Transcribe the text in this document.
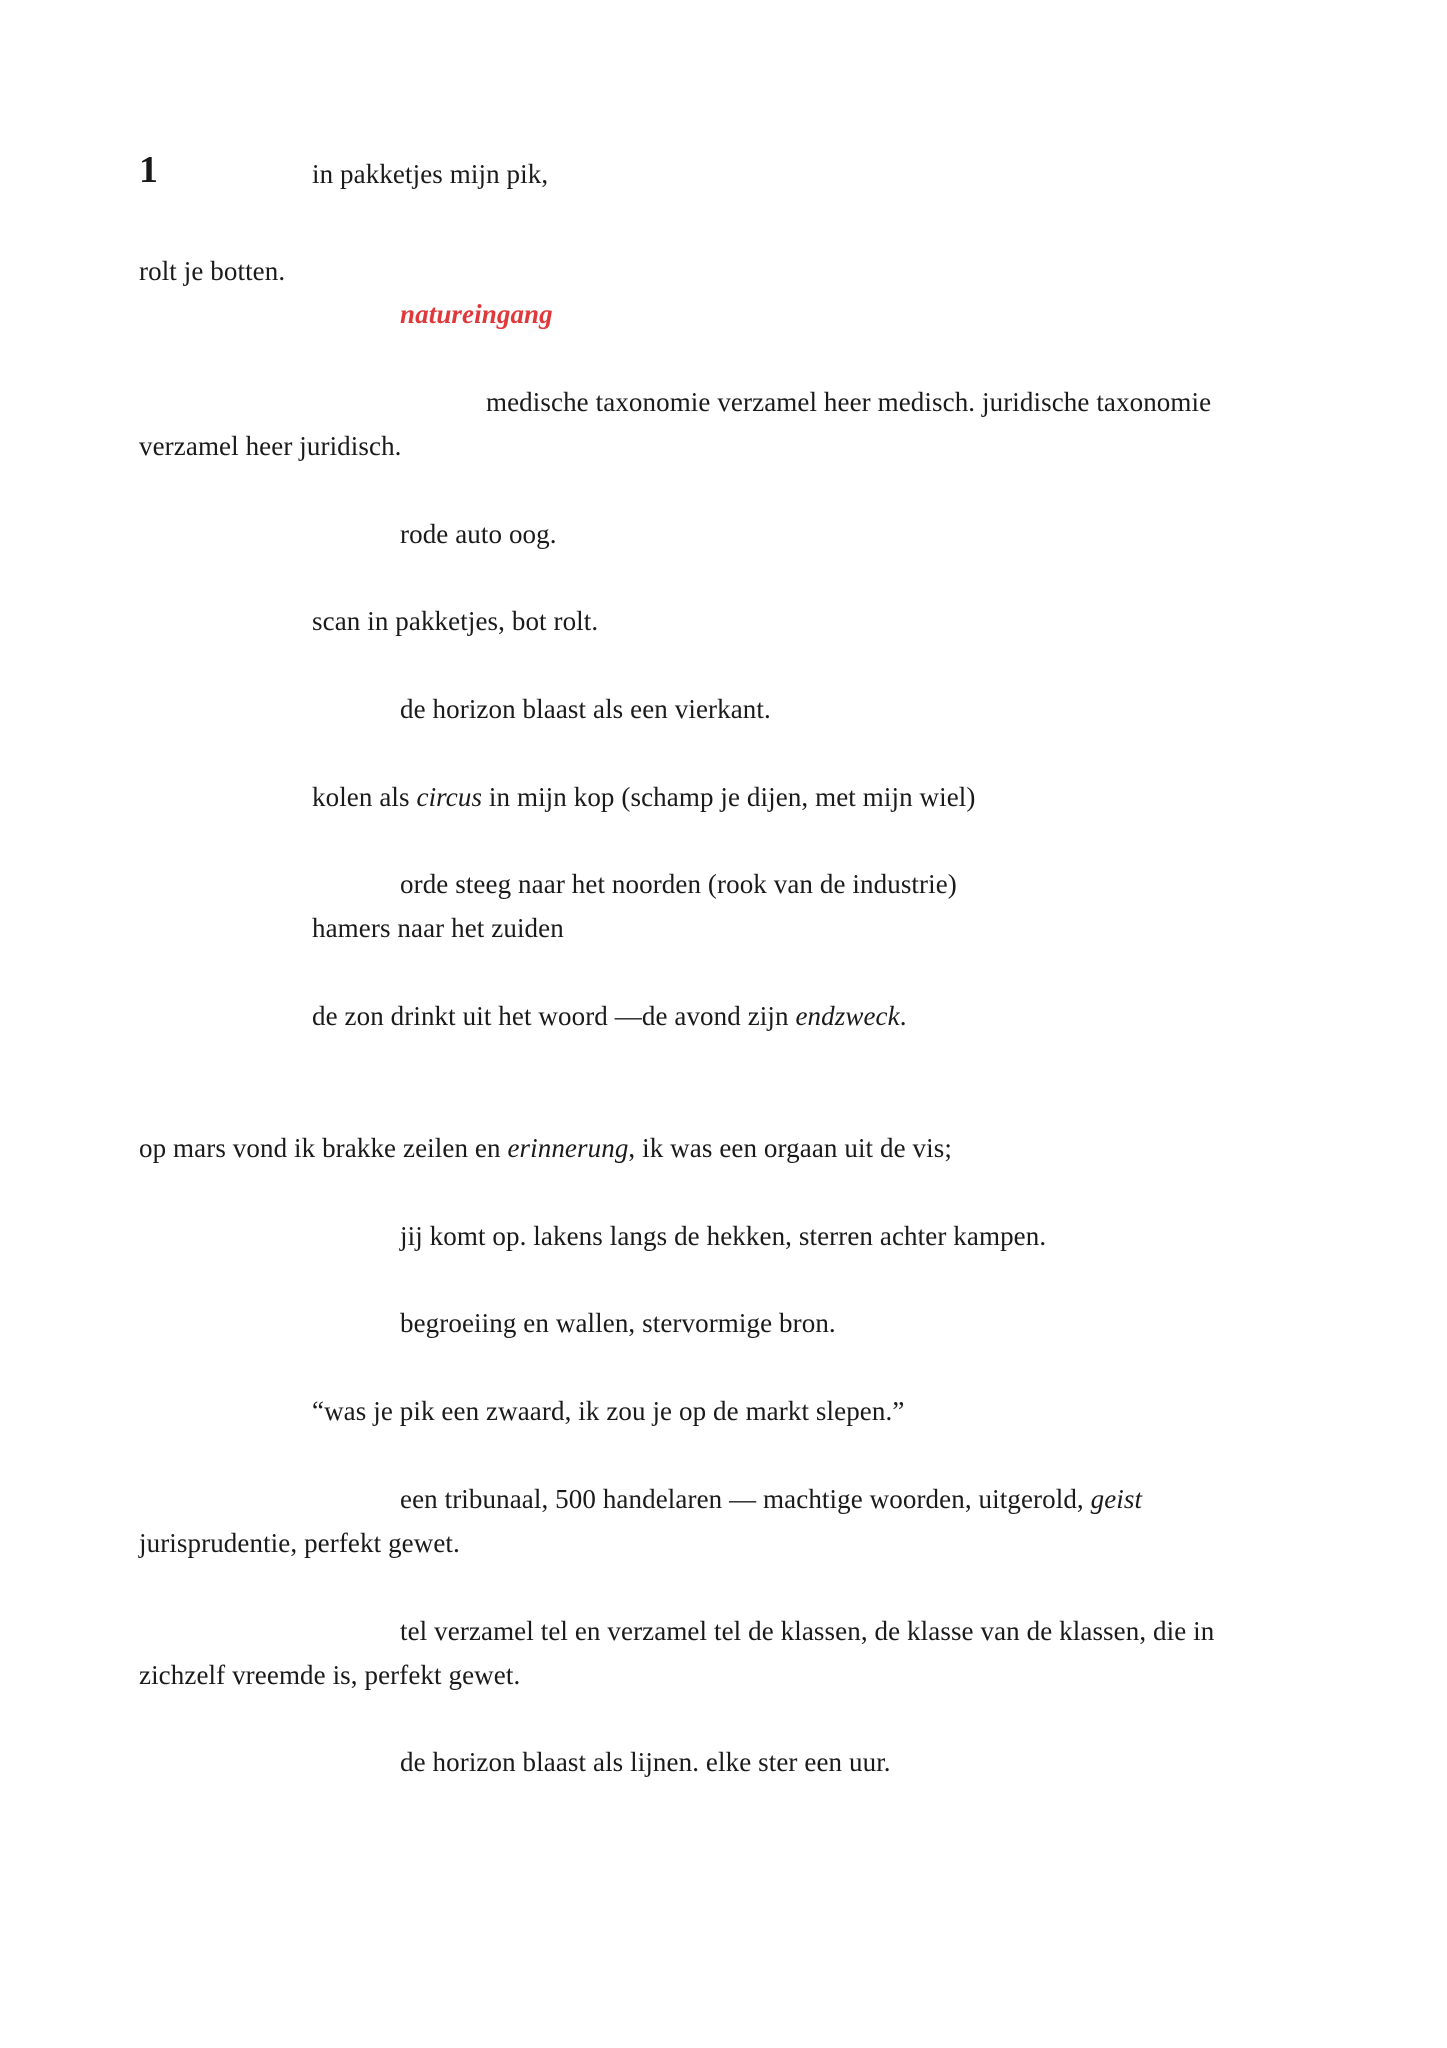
1	in pakketjes mijn pik,
rolt je botten.
natureingang
medische taxonomie verzamel heer medisch. juridische taxonomie
verzamel heer juridisch.
rode auto oog.
scan in pakketjes, bot rolt.
de horizon blaast als een vierkant.
kolen als circus in mijn kop (schamp je dijen, met mijn wiel)
orde steeg naar het noorden (rook van de industrie)
hamers naar het zuiden
de zon drinkt uit het woord —de avond zijn endzweck.
op mars vond ik brakke zeilen en erinnerung, ik was een orgaan uit de vis;
jij komt op. lakens langs de hekken, sterren achter kampen.
begroeiing en wallen, stervormige bron.
“was je pik een zwaard, ik zou je op de markt slepen.”
een tribunaal, 500 handelaren — machtige woorden, uitgerold, geist
jurisprudentie, perfekt gewet.
tel verzamel tel en verzamel tel de klassen, de klasse van de klassen, die in
zichzelf vreemde is, perfekt gewet.
de horizon blaast als lijnen. elke ster een uur.
